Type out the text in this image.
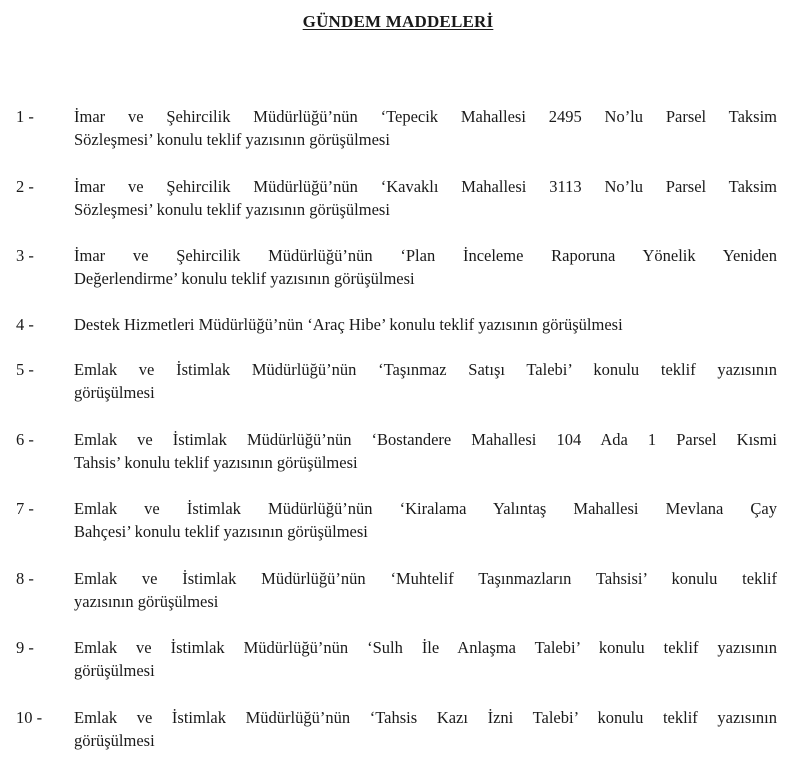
GÜNDEM MADDELERİ
1 - İmar ve Şehircilik Müdürlüğü’nün ‘Tepecik Mahallesi 2495 No’lu Parsel Taksim
Sözleşmesi’ konulu teklif yazısının görüşülmesi
2 - İmar ve Şehircilik Müdürlüğü’nün ‘Kavaklı Mahallesi 3113 No’lu Parsel Taksim
Sözleşmesi’ konulu teklif yazısının görüşülmesi
3 - İmar ve Şehircilik Müdürlüğü’nün ‘Plan İnceleme Raporuna Yönelik Yeniden
Değerlendirme’ konulu teklif yazısının görüşülmesi
4 - Destek Hizmetleri Müdürlüğü’nün ‘Araç Hibe’ konulu teklif yazısının görüşülmesi
5 - Emlak ve İstimlak Müdürlüğü’nün ‘Taşınmaz Satışı Talebi’ konulu teklif yazısının
görüşülmesi
6 - Emlak ve İstimlak Müdürlüğü’nün ‘Bostandere Mahallesi 104 Ada 1 Parsel Kısmi
Tahsis’ konulu teklif yazısının görüşülmesi
7 - Emlak ve İstimlak Müdürlüğü’nün ‘Kiralama Yalıntaş Mahallesi Mevlana Çay
Bahçesi’ konulu teklif yazısının görüşülmesi
8 - Emlak ve İstimlak Müdürlüğü’nün ‘Muhtelif Taşınmazların Tahsisi’ konulu teklif
yazısının görüşülmesi
9 - Emlak ve İstimlak Müdürlüğü’nün ‘Sulh İle Anlaşma Talebi’ konulu teklif yazısının
görüşülmesi
10 - Emlak ve İstimlak Müdürlüğü’nün ‘Tahsis Kazı İzni Talebi’ konulu teklif yazısının
görüşülmesi
